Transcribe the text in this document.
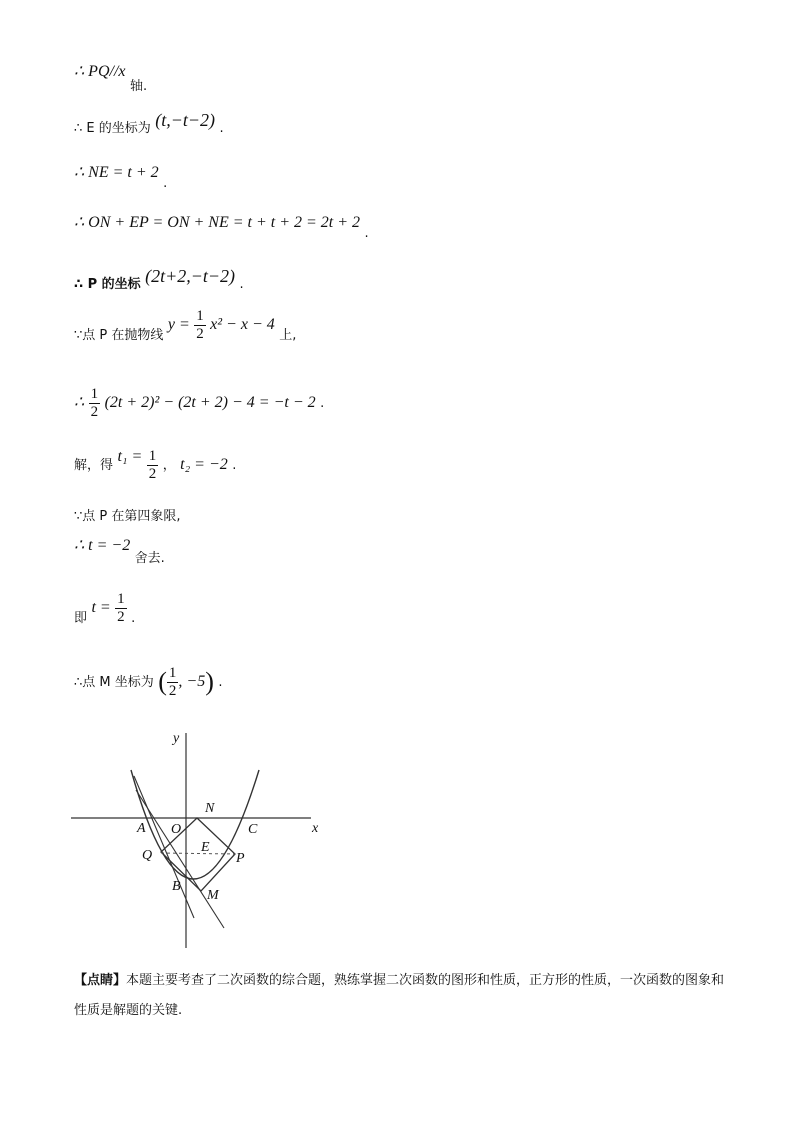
∴ PQ//x 轴.
∴ E 的坐标为 (t,−t−2) .
∴ NE = t + 2 .
∴ ON + EP = ON + NE = t + t + 2 = 2t + 2 .
∴ P 的坐标 (2t+2,−t−2) .
∵点 P 在抛物线 $y = \frac{1}{2} x^2 - x - 4$ 上,
∴ $\frac{1}{2} (2t + 2)^2 - (2t + 2) - 4 = -t - 2$ .
解，得 $t_1 = \frac{1}{2}$ ， t₂ = −2 .
∵点 P 在第四象限,
∴ t = −2 舍去.
即 $t = \frac{1}{2}$ .
∴点 M 坐标为 ( $\frac{1}{2}$ , −5) .
y
x
N
A O	C
E
Q	P
B
M
【点睛】本题主要考查了二次函数的综合题，熟练掌握二次函数的图形和性质，正方形的性质，一次函数的图象和性质是解题的关键.
